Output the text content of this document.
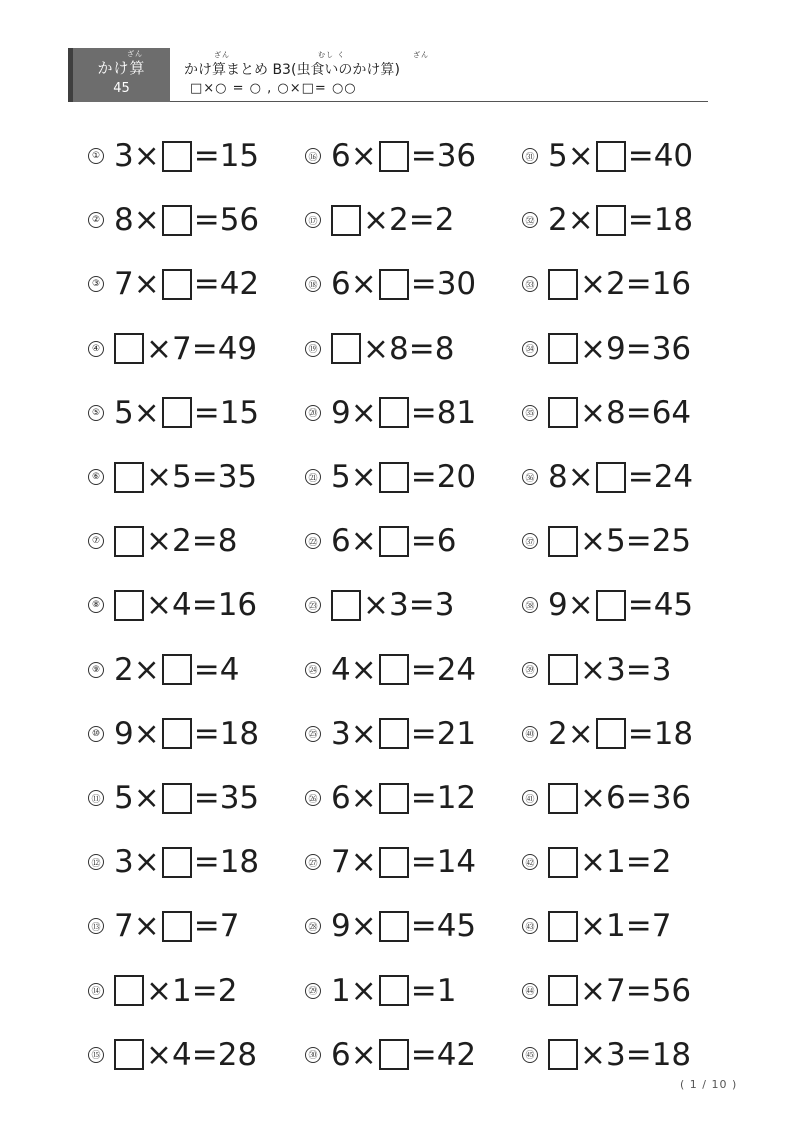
ざん
かけ算
45
ざん	むし く	ざん
かけ算まとめ B3(虫食いのかけ算)
□×○ = ○ , ○×□= ○○
① 3 × = 15
② 8 × = 56
③ 7 × = 42
④ × 7 = 49
⑤ 5 × = 15
⑥ × 5 = 35
⑦ × 2 = 8
⑧ × 4 = 16
⑨ 2 × = 4
⑩ 9 × = 18
⑪ 5 × = 35
⑫ 3 × = 18
⑬ 7 × = 7
⑭ × 1 = 2
⑮ × 4 = 28
⑯ 6 × = 36
⑰ × 2 = 2
⑱ 6 × = 30
⑲ × 8 = 8
⑳ 9 × = 81
㉑ 5 × = 20
㉒ 6 × = 6
㉓ × 3 = 3
㉔ 4 × = 24
㉕ 3 × = 21
㉖ 6 × = 12
㉗ 7 × = 14
㉘ 9 × = 45
㉙ 1 × = 1
㉚ 6 × = 42
㉛ 5 × = 40
㉜ 2 × = 18
㉝ × 2 = 16
㉞ × 9 = 36
㉟ × 8 = 64
㊱ 8 × = 24
㊲ × 5 = 25
㊳ 9 × = 45
㊴ × 3 = 3
㊵ 2 × = 18
㊶ × 6 = 36
㊷ × 1 = 2
㊸ × 1 = 7
㊹ × 7 = 56
㊺ × 3 = 18
( 1 / 10 )
